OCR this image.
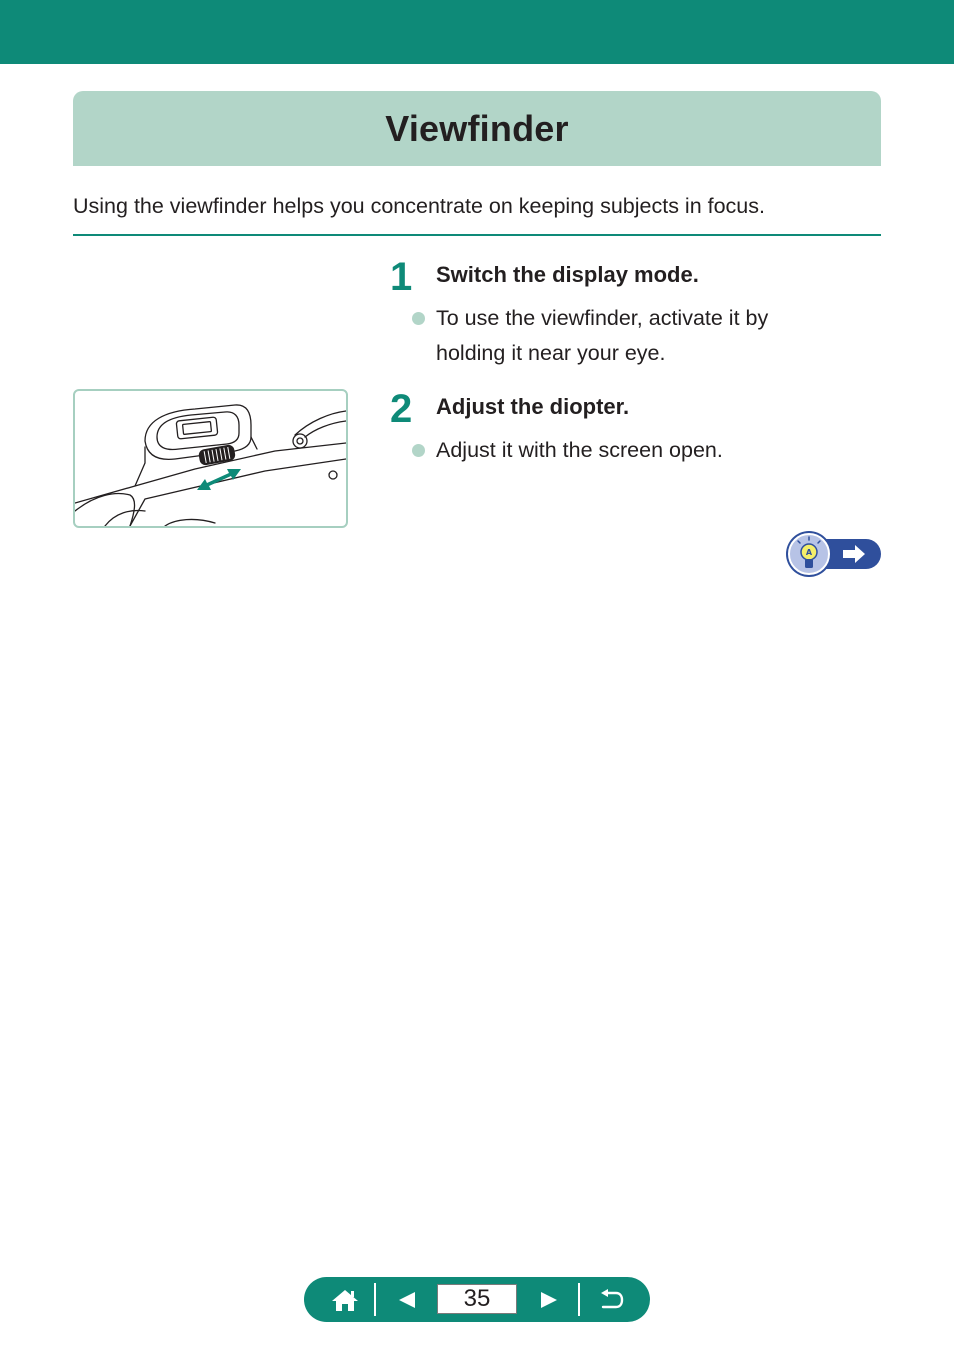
Viewfinder
Using the viewfinder helps you concentrate on keeping subjects in focus.
1 Switch the display mode.
To use the viewfinder, activate it by
holding it near your eye.
2 Adjust the diopter.
Adjust it with the screen open.
A
35
